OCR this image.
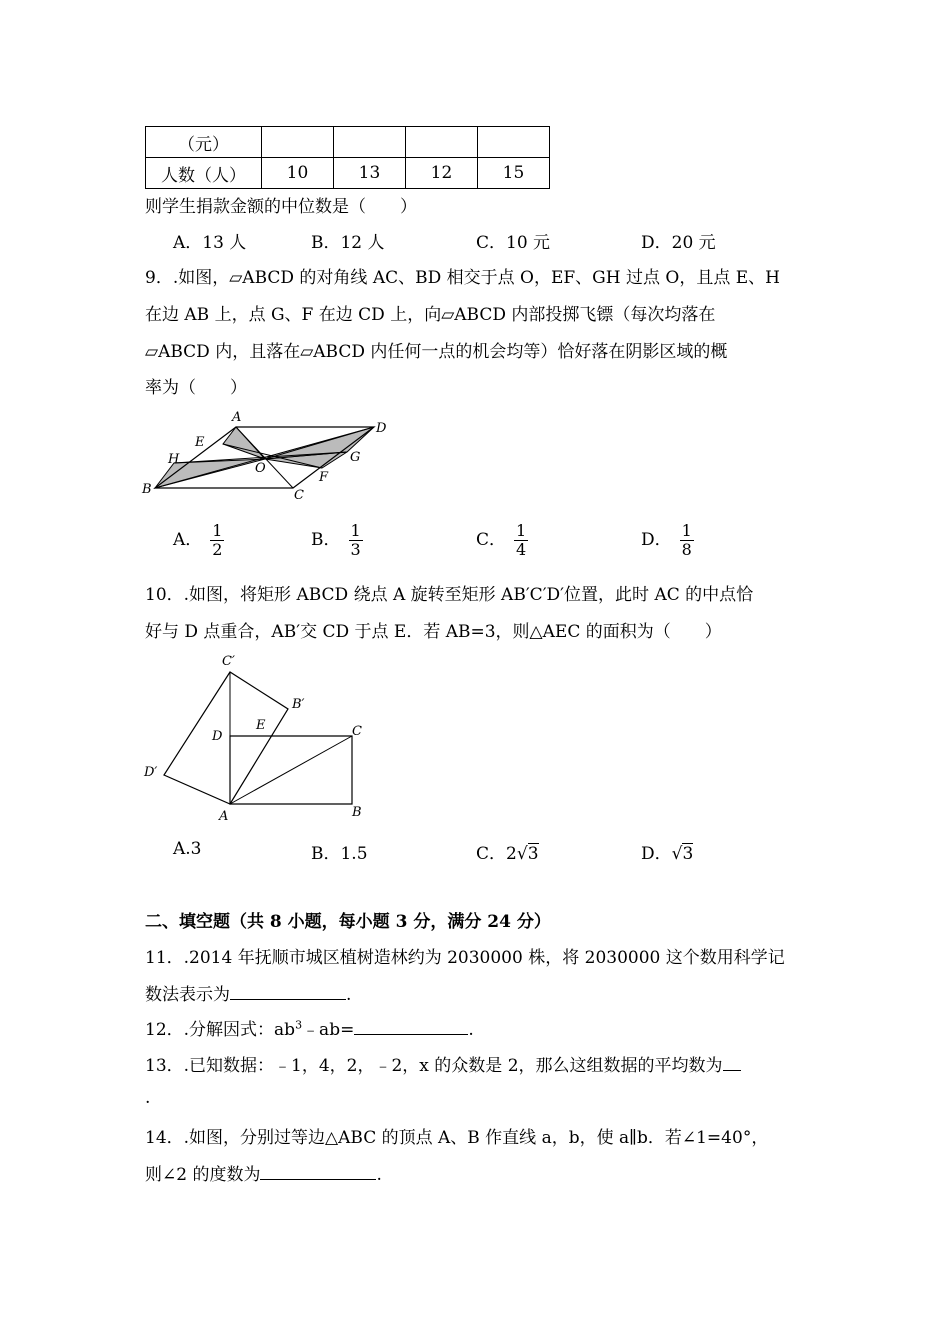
（元）				
人数（人）	10	13	12	15
则学生捐款金额的中位数是（　　）
A．13 人	B．12 人	C．10 元	D．20 元
9．.如图，▱ABCD 的对角线 AC、BD 相交于点 O，EF、GH 过点 O，且点 E、H
在边 AB 上，点 G、F 在边 CD 上，向▱ABCD 内部投掷飞镖（每次均落在
▱ABCD 内，且落在▱ABCD 内任何一点的机会均等）恰好落在阴影区域的概
率为（　　）
A
D
E
H
O
G
F
B	C
A． $\frac{1}{2}$	B． $\frac{1}{3}$	C． $\frac{1}{4}$	D． $\frac{1}{8}$
10．.如图，将矩形 ABCD 绕点 A 旋转至矩形 AB′C′D′位置，此时 AC 的中点恰
好与 D 点重合，AB′交 CD 于点 E．若 AB=3，则△AEC 的面积为（　　）
C′
B′
E	C
D
D′
A	B
A.3	B．1.5	C．2√3	D．√3
二、填空题（共 8 小题，每小题 3 分，满分 24 分）
11．.2014 年抚顺市城区植树造林约为 2030000 株，将 2030000 这个数用科学记
数法表示为	.
12．.分解因式：$ab^3﹣ab=$	.
13．.已知数据：﹣1，4，2，﹣2，x 的众数是 2，那么这组数据的平均数为
.
14．.如图，分别过等边△ABC 的顶点 A、B 作直线 a，b，使 a∥b．若∠1=40°，
则∠2 的度数为	.
